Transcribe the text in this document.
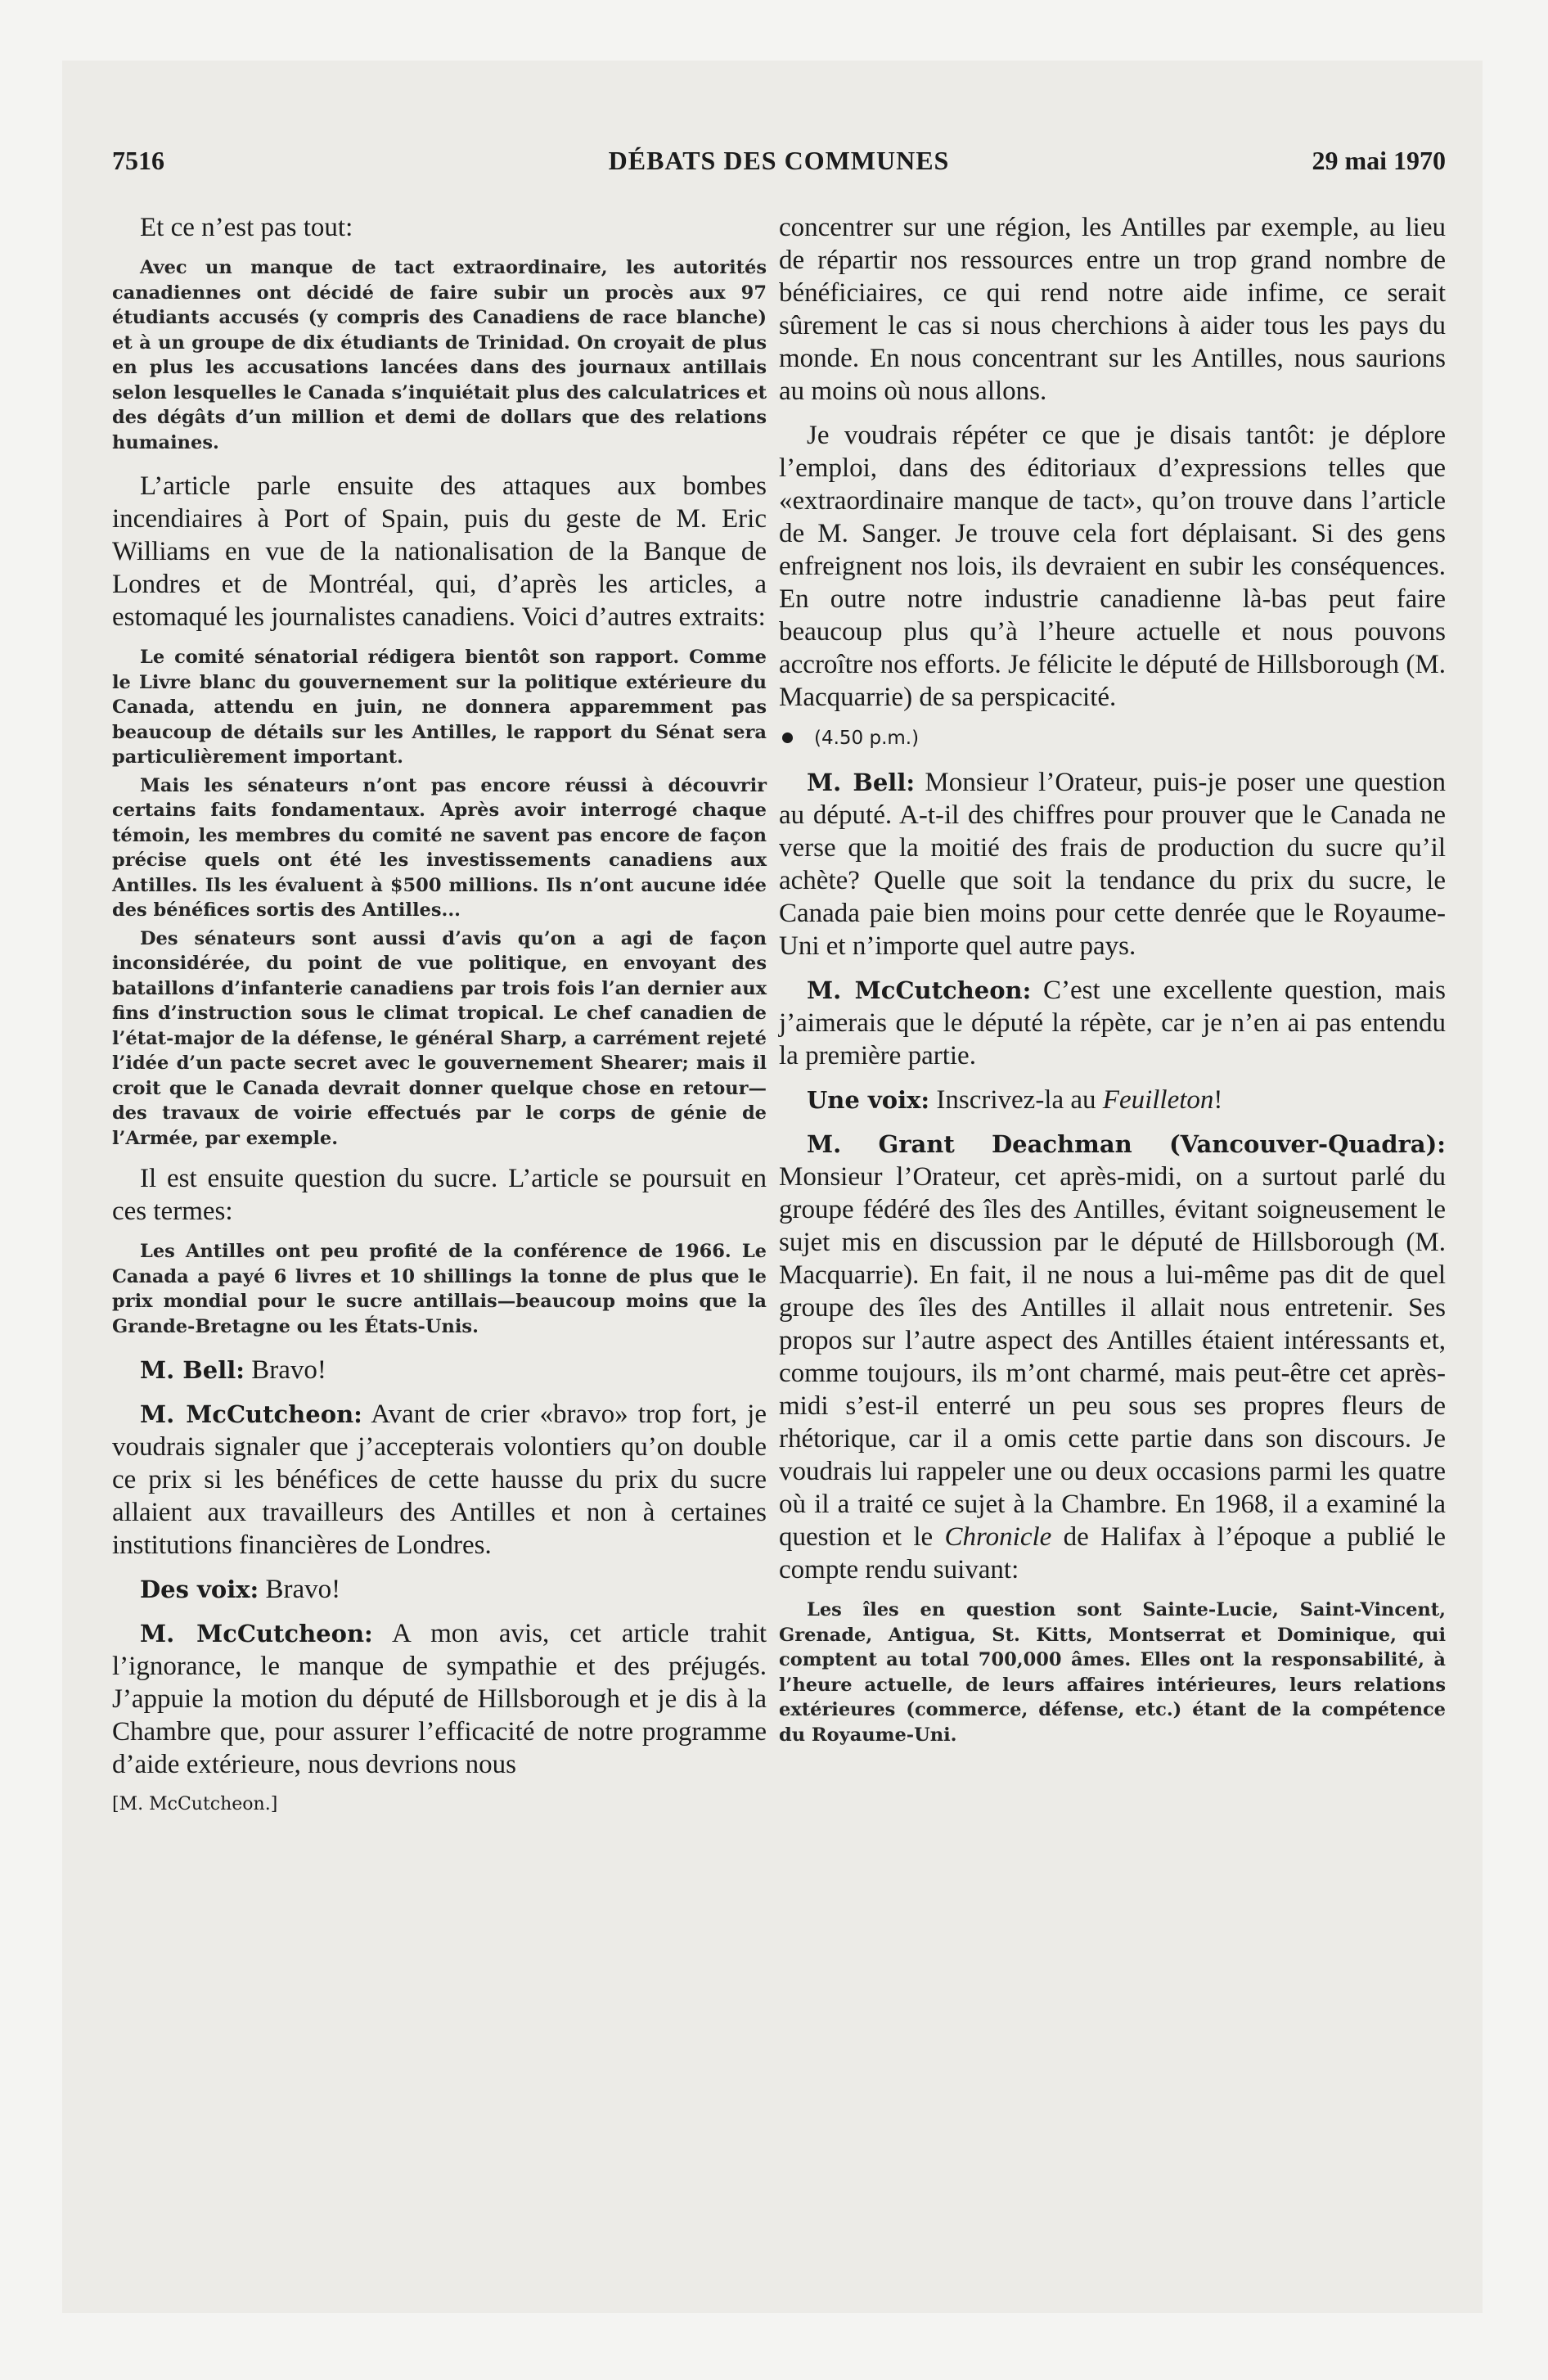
7516	DÉBATS DES COMMUNES	29 mai 1970

Et ce n’est pas tout:

Avec un manque de tact extraordinaire, les autorités canadiennes ont décidé de faire subir un procès aux 97 étudiants accusés (y compris des Canadiens de race blanche) et à un groupe de dix étudiants de Trinidad. On croyait de plus en plus les accusations lancées dans des journaux antillais selon lesquelles le Canada s’inquiétait plus des calculatrices et des dégâts d’un million et demi de dollars que des relations humaines.

L’article parle ensuite des attaques aux bombes incendiaires à Port of Spain, puis du geste de M. Eric Williams en vue de la nationalisation de la Banque de Londres et de Montréal, qui, d’après les articles, a estomaqué les journalistes canadiens. Voici d’autres extraits:

Le comité sénatorial rédigera bientôt son rapport. Comme le Livre blanc du gouvernement sur la politique extérieure du Canada, attendu en juin, ne donnera apparemment pas beaucoup de détails sur les Antilles, le rapport du Sénat sera particulièrement important.

Mais les sénateurs n’ont pas encore réussi à découvrir certains faits fondamentaux. Après avoir interrogé chaque témoin, les membres du comité ne savent pas encore de façon précise quels ont été les investissements canadiens aux Antilles. Ils les évaluent à $500 millions. Ils n’ont aucune idée des bénéfices sortis des Antilles...

Des sénateurs sont aussi d’avis qu’on a agi de façon inconsidérée, du point de vue politique, en envoyant des bataillons d’infanterie canadiens par trois fois l’an dernier aux fins d’instruction sous le climat tropical. Le chef canadien de l’état-major de la défense, le général Sharp, a carrément rejeté l’idée d’un pacte secret avec le gouvernement Shearer; mais il croit que le Canada devrait donner quelque chose en retour—des travaux de voirie effectués par le corps de génie de l’Armée, par exemple.

Il est ensuite question du sucre. L’article se poursuit en ces termes:

Les Antilles ont peu profité de la conférence de 1966. Le Canada a payé 6 livres et 10 shillings la tonne de plus que le prix mondial pour le sucre antillais—beaucoup moins que la Grande-Bretagne ou les États-Unis.

M. Bell: Bravo!

M. McCutcheon: Avant de crier «bravo» trop fort, je voudrais signaler que j’accepterais volontiers qu’on double ce prix si les bénéfices de cette hausse du prix du sucre allaient aux travailleurs des Antilles et non à certaines institutions financières de Londres.

Des voix: Bravo!

M. McCutcheon: A mon avis, cet article trahit l’ignorance, le manque de sympathie et des préjugés. J’appuie la motion du député de Hillsborough et je dis à la Chambre que, pour assurer l’efficacité de notre programme d’aide extérieure, nous devrions nous

[M. McCutcheon.]

concentrer sur une région, les Antilles par exemple, au lieu de répartir nos ressources entre un trop grand nombre de bénéficiaires, ce qui rend notre aide infime, ce serait sûrement le cas si nous cherchions à aider tous les pays du monde. En nous concentrant sur les Antilles, nous saurions au moins où nous allons.

Je voudrais répéter ce que je disais tantôt: je déplore l’emploi, dans des éditoriaux d’expressions telles que «extraordinaire manque de tact», qu’on trouve dans l’article de M. Sanger. Je trouve cela fort déplaisant. Si des gens enfreignent nos lois, ils devraient en subir les conséquences. En outre notre industrie canadienne là-bas peut faire beaucoup plus qu’à l’heure actuelle et nous pouvons accroître nos efforts. Je félicite le député de Hillsborough (M. Macquarrie) de sa perspicacité.

(4.50 p.m.)

M. Bell: Monsieur l’Orateur, puis-je poser une question au député. A-t-il des chiffres pour prouver que le Canada ne verse que la moitié des frais de production du sucre qu’il achète? Quelle que soit la tendance du prix du sucre, le Canada paie bien moins pour cette denrée que le Royaume-Uni et n’importe quel autre pays.

M. McCutcheon: C’est une excellente question, mais j’aimerais que le député la répète, car je n’en ai pas entendu la première partie.

Une voix: Inscrivez-la au Feuilleton!

M. Grant Deachman (Vancouver-Quadra): Monsieur l’Orateur, cet après-midi, on a surtout parlé du groupe fédéré des îles des Antilles, évitant soigneusement le sujet mis en discussion par le député de Hillsborough (M. Macquarrie). En fait, il ne nous a lui-même pas dit de quel groupe des îles des Antilles il allait nous entretenir. Ses propos sur l’autre aspect des Antilles étaient intéressants et, comme toujours, ils m’ont charmé, mais peut-être cet après-midi s’est-il enterré un peu sous ses propres fleurs de rhétorique, car il a omis cette partie dans son discours. Je voudrais lui rappeler une ou deux occasions parmi les quatre où il a traité ce sujet à la Chambre. En 1968, il a examiné la question et le Chronicle de Halifax à l’époque a publié le compte rendu suivant:

Les îles en question sont Sainte-Lucie, Saint-Vincent, Grenade, Antigua, St. Kitts, Montserrat et Dominique, qui comptent au total 700,000 âmes. Elles ont la responsabilité, à l’heure actuelle, de leurs affaires intérieures, leurs relations extérieures (commerce, défense, etc.) étant de la compétence du Royaume-Uni.
